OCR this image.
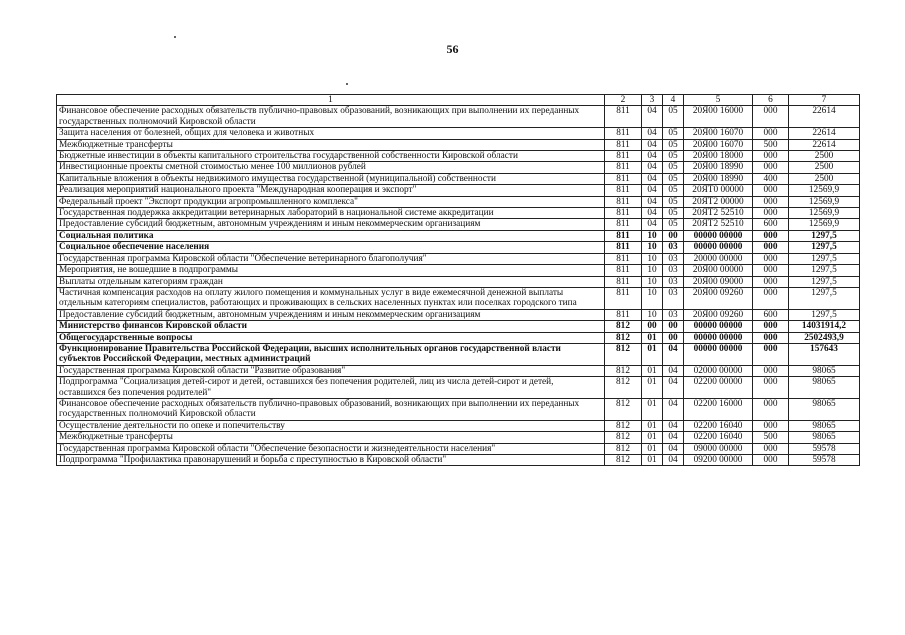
56
1	2	3	4	5	6	7
Финансовое обеспечение расходных обязательств публично-правовых образований, возникающих при выполнении их переданных государственных полномочий Кировской области	811	04	05	20Я00 16000	000	22614
Защита населения от болезней, общих для человека и животных	811	04	05	20Я00 16070	000	22614
Межбюджетные трансферты	811	04	05	20Я00 16070	500	22614
Бюджетные инвестиции в объекты капитального строительства государственной собственности Кировской области	811	04	05	20Я00 18000	000	2500
Инвестиционные проекты сметной стоимостью менее 100 миллионов рублей	811	04	05	20Я00 18990	000	2500
Капитальные вложения в объекты недвижимого имущества государственной (муниципальной) собственности	811	04	05	20Я00 18990	400	2500
Реализация мероприятий национального проекта "Международная кооперация и экспорт"	811	04	05	20ЯТ0 00000	000	12569,9
Федеральный проект "Экспорт продукции агропромышленного комплекса"	811	04	05	20ЯТ2 00000	000	12569,9
Государственная поддержка аккредитации ветеринарных лабораторий в национальной системе аккредитации	811	04	05	20ЯТ2 52510	000	12569,9
Предоставление субсидий бюджетным, автономным учреждениям и иным некоммерческим организациям	811	04	05	20ЯТ2 52510	600	12569,9
Социальная политика	811	10	00	00000 00000	000	1297,5
Социальное обеспечение населения	811	10	03	00000 00000	000	1297,5
Государственная программа Кировской области "Обеспечение ветеринарного благополучия"	811	10	03	20000 00000	000	1297,5
Мероприятия, не вошедшие в подпрограммы	811	10	03	20Я00 00000	000	1297,5
Выплаты отдельным категориям граждан	811	10	03	20Я00 09000	000	1297,5
Частичная компенсация расходов на оплату жилого помещения и коммунальных услуг в виде ежемесячной денежной выплаты отдельным категориям специалистов, работающих и проживающих в сельских населенных пунктах или поселках городского типа	811	10	03	20Я00 09260	000	1297,5
Предоставление субсидий бюджетным, автономным учреждениям и иным некоммерческим организациям	811	10	03	20Я00 09260	600	1297,5
Министерство финансов Кировской области	812	00	00	00000 00000	000	14031914,2
Общегосударственные вопросы	812	01	00	00000 00000	000	2502493,9
Функционирование Правительства Российской Федерации, высших исполнительных органов государственной власти субъектов Российской Федерации, местных администраций	812	01	04	00000 00000	000	157643
Государственная программа Кировской области "Развитие образования"	812	01	04	02000 00000	000	98065
Подпрограмма "Социализация детей-сирот и детей, оставшихся без попечения родителей, лиц из числа детей-сирот и детей, оставшихся без попечения родителей"	812	01	04	02200 00000	000	98065
Финансовое обеспечение расходных обязательств публично-правовых образований, возникающих при выполнении их переданных государственных полномочий Кировской области	812	01	04	02200 16000	000	98065
Осуществление деятельности по опеке и попечительству	812	01	04	02200 16040	000	98065
Межбюджетные трансферты	812	01	04	02200 16040	500	98065
Государственная программа Кировской области "Обеспечение безопасности и жизнедеятельности населения"	812	01	04	09000 00000	000	59578
Подпрограмма "Профилактика правонарушений и борьба с преступностью в Кировской области"	812	01	04	09200 00000	000	59578
